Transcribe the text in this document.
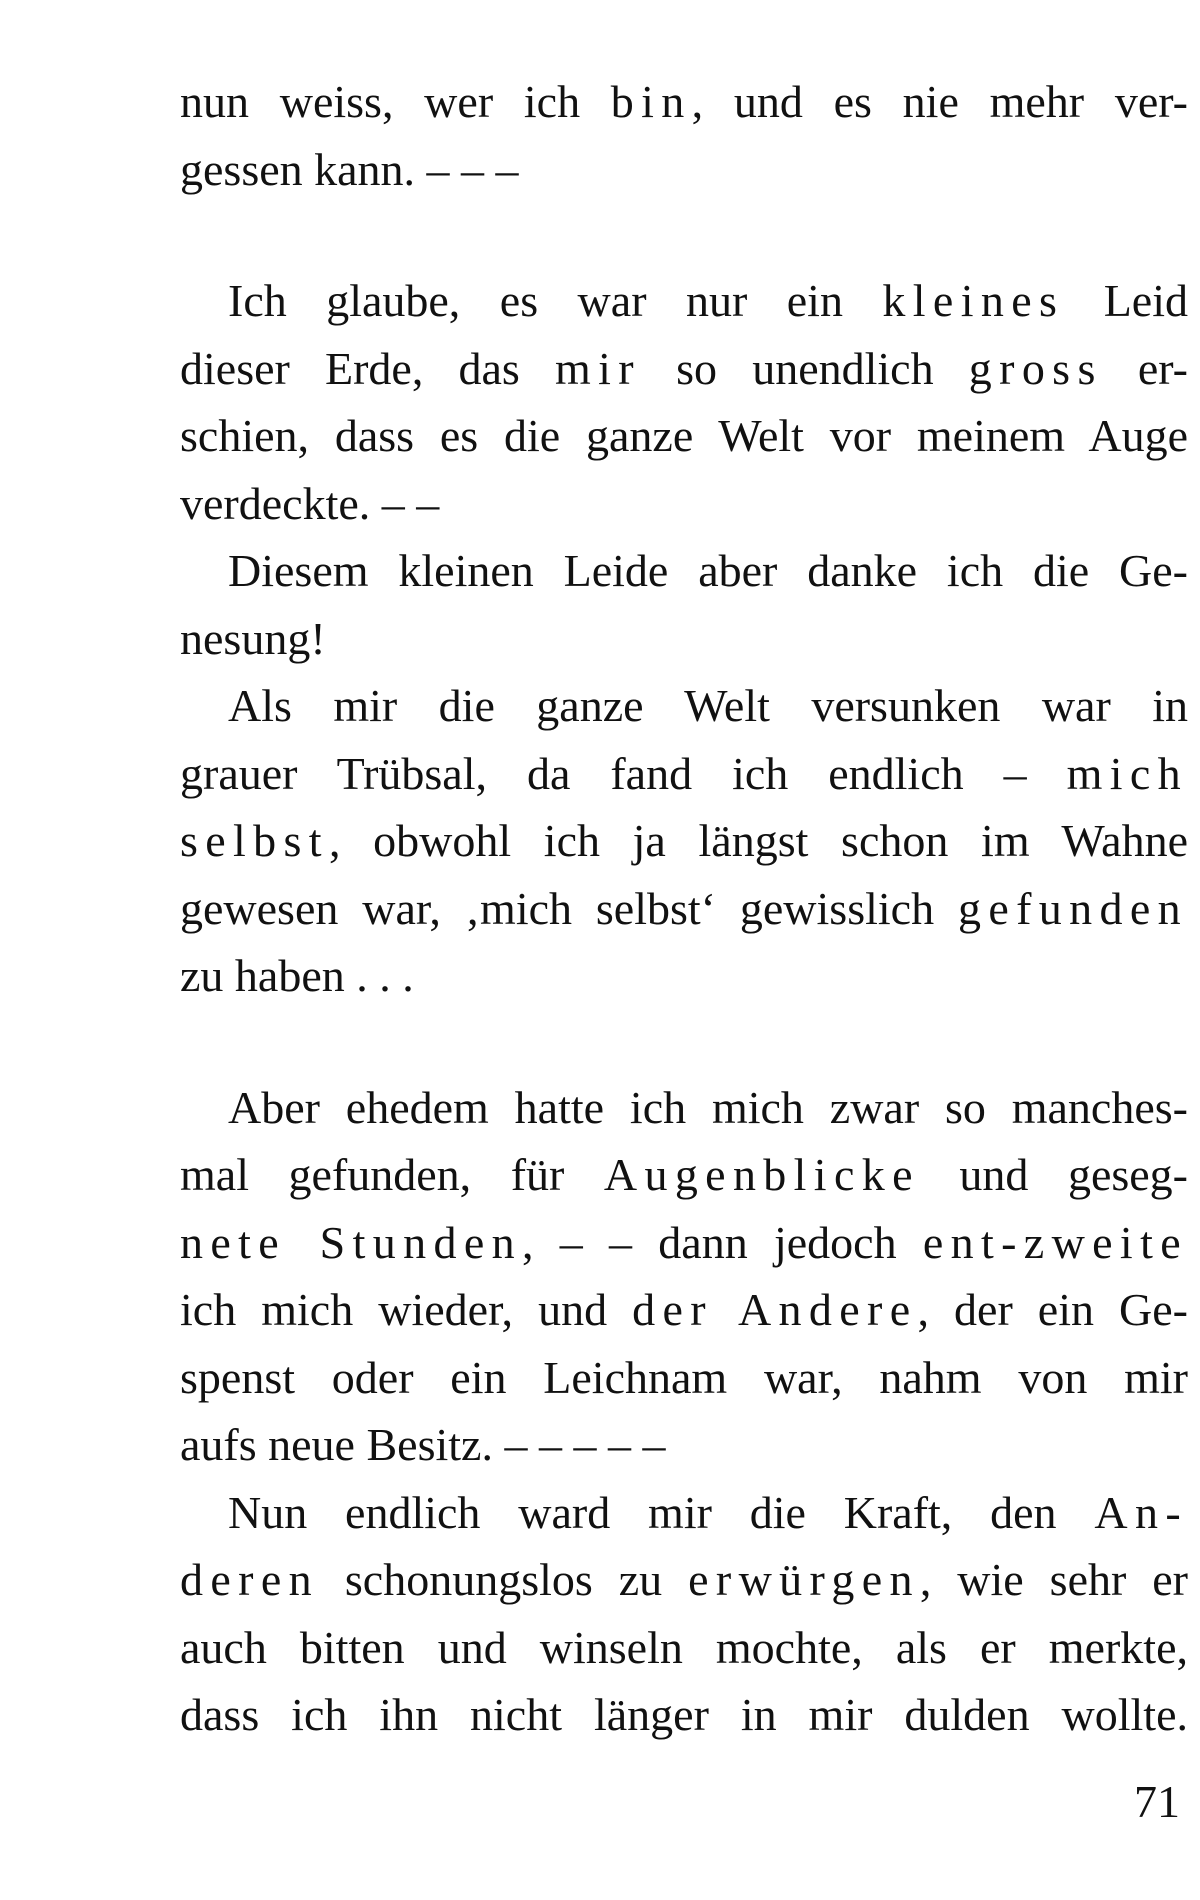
nun weiss, wer ich bin, und es nie mehr ver-
gessen kann. – – –
Ich glaube, es war nur ein kleines Leid
dieser Erde, das mir so unendlich gross er-
schien, dass es die ganze Welt vor meinem Auge
verdeckte. – –
Diesem kleinen Leide aber danke ich die Ge-
nesung!
Als mir die ganze Welt versunken war in
grauer Trübsal, da fand ich endlich – mich
selbst, obwohl ich ja längst schon im Wahne
gewesen war, ‚mich selbst‘ gewisslich gefunden
zu haben . . .
Aber ehedem hatte ich mich zwar so manches-
mal gefunden, für Augenblicke und geseg-
nete Stunden, – – dann jedoch ent-zweite
ich mich wieder, und der Andere, der ein Ge-
spenst oder ein Leichnam war, nahm von mir
aufs neue Besitz. – – – – –
Nun endlich ward mir die Kraft, den An-
deren schonungslos zu erwürgen, wie sehr er
auch bitten und winseln mochte, als er merkte,
dass ich ihn nicht länger in mir dulden wollte.
71
